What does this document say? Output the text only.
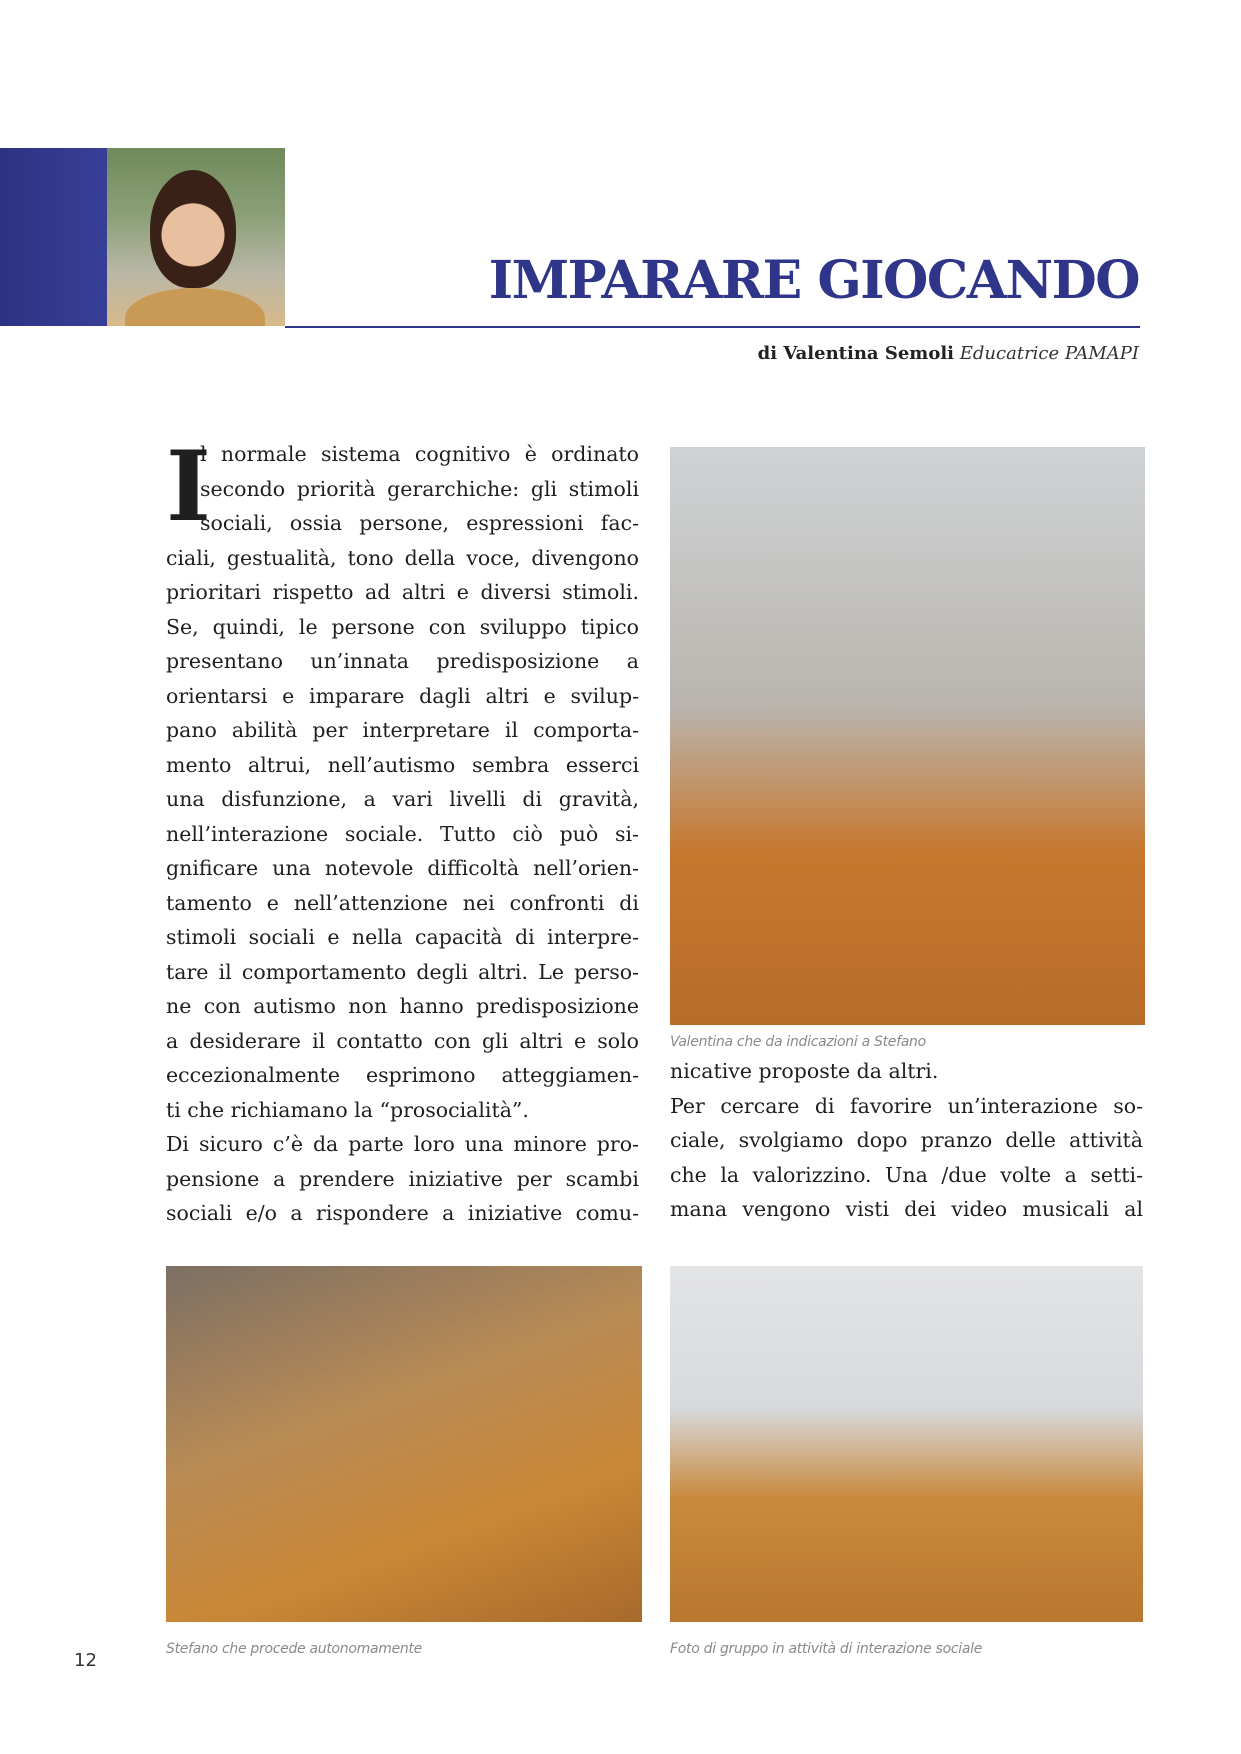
IMPARARE GIOCANDO
di Valentina Semoli Educatrice PAMAPI
I
l normale sistema cognitivo è ordinato
secondo priorità gerarchiche: gli stimoli
sociali, ossia persone, espressioni fac-
ciali, gestualità, tono della voce, divengono
prioritari rispetto ad altri e diversi stimoli.
Se, quindi, le persone con sviluppo tipico
presentano un’innata predisposizione a
orientarsi e imparare dagli altri e svilup-
pano abilità per interpretare il comporta-
mento altrui, nell’autismo sembra esserci
una disfunzione, a vari livelli di gravità,
nell’interazione sociale. Tutto ciò può si-
gnificare una notevole difficoltà nell’orien-
tamento e nell’attenzione nei confronti di
stimoli sociali e nella capacità di interpre-
tare il comportamento degli altri. Le perso-
ne con autismo non hanno predisposizione
a desiderare il contatto con gli altri e solo
eccezionalmente esprimono atteggiamen-
ti che richiamano la “prosocialità”.
Di sicuro c’è da parte loro una minore pro-
pensione a prendere iniziative per scambi
sociali e/o a rispondere a iniziative comu-
Valentina che da indicazioni a Stefano
nicative proposte da altri.
Per cercare di favorire un’interazione so-
ciale, svolgiamo dopo pranzo delle attività
che la valorizzino. Una /due volte a setti-
mana vengono visti dei video musicali al
Stefano che procede autonomamente	Foto di gruppo in attività di interazione sociale
12
